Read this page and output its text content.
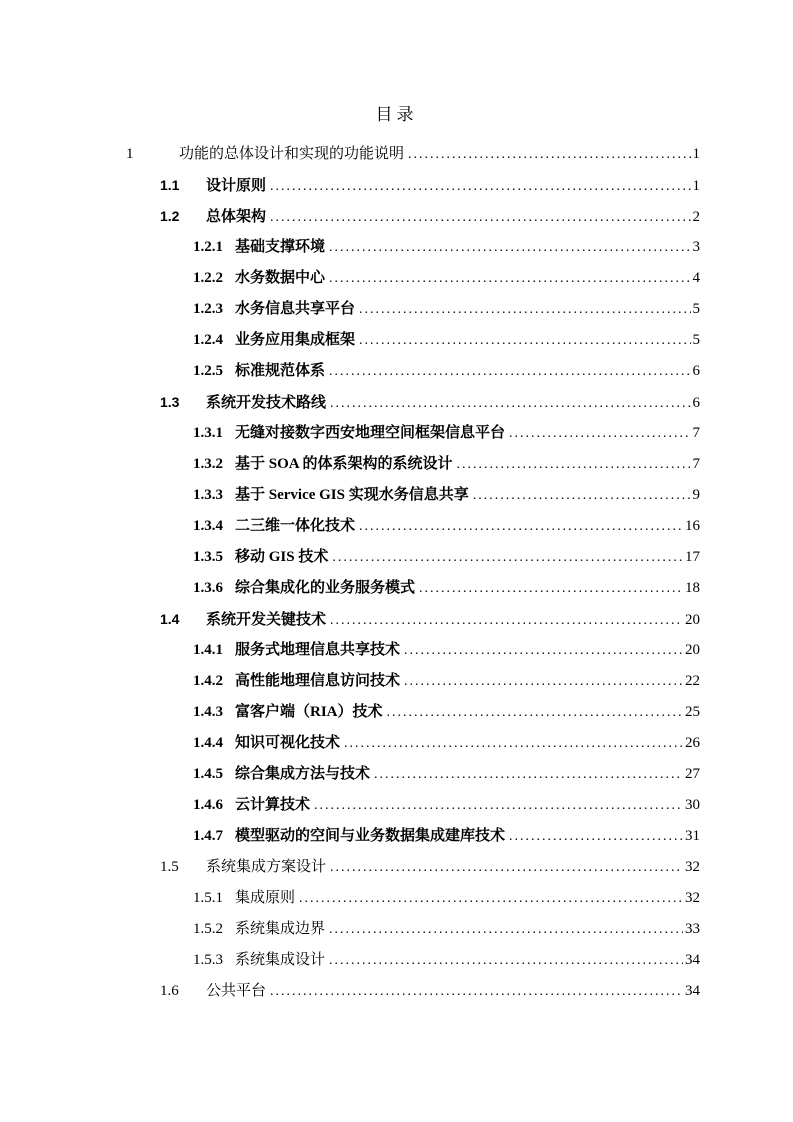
目录
1	功能的总体设计和实现的功能说明 .....	1
1.1	设计原则 .....	1
1.2	总体架构 .....	2
1.2.1 基础支撑环境 .....	3
1.2.2 水务数据中心 .....	4
1.2.3 水务信息共享平台 .....	5
1.2.4 业务应用集成框架 .....	5
1.2.5 标准规范体系 .....	6
1.3	系统开发技术路线 .....	6
1.3.1 无缝对接数字西安地理空间框架信息平台 .....	7
1.3.2 基于 SOA 的体系架构的系统设计 .....	7
1.3.3 基于 Service GIS 实现水务信息共享 .....	9
1.3.4 二三维一体化技术 .....	16
1.3.5 移动 GIS 技术 .....	17
1.3.6 综合集成化的业务服务模式 .....	18
1.4	系统开发关键技术 .....	20
1.4.1 服务式地理信息共享技术 .....	20
1.4.2 高性能地理信息访问技术 .....	22
1.4.3 富客户端（RIA）技术 .....	25
1.4.4 知识可视化技术 .....	26
1.4.5 综合集成方法与技术 .....	27
1.4.6 云计算技术 .....	30
1.4.7 模型驱动的空间与业务数据集成建库技术 .....	31
1.5	系统集成方案设计 .....	32
1.5.1 集成原则 .....	32
1.5.2 系统集成边界 .....	33
1.5.3 系统集成设计 .....	34
1.6	公共平台 .....	34
